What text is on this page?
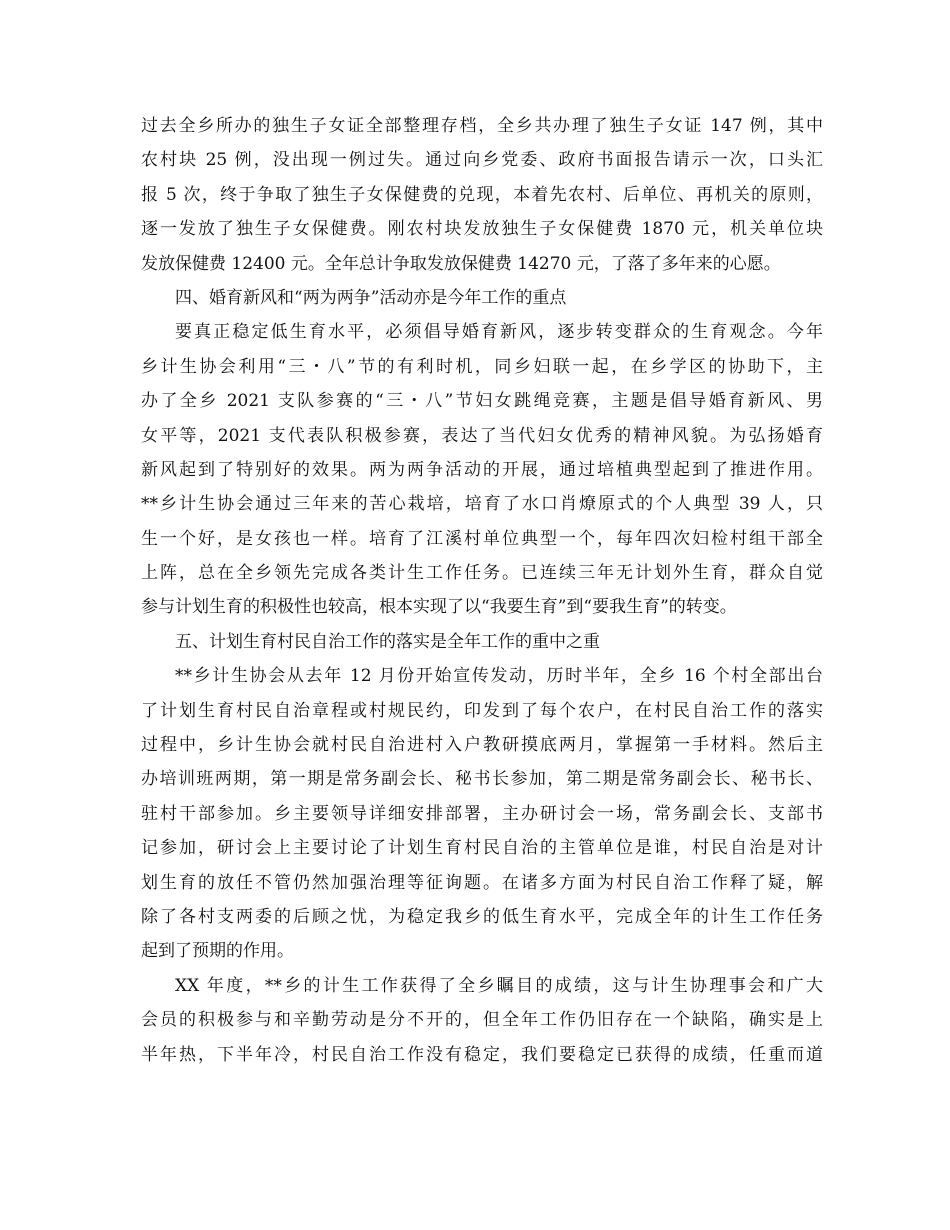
过去全乡所办的独生子女证全部整理存档，全乡共办理了独生子女证 147 例，其中
农村块 25 例，没出现一例过失。通过向乡党委、政府书面报告请示一次，口头汇
报 5 次，终于争取了独生子女保健费的兑现，本着先农村、后单位、再机关的原则，
逐一发放了独生子女保健费。刚农村块发放独生子女保健费 1870 元，机关单位块
发放保健费 12400 元。全年总计争取发放保健费 14270 元，了落了多年来的心愿。
四、婚育新风和“两为两争”活动亦是今年工作的重点
要真正稳定低生育水平，必须倡导婚育新风，逐步转变群众的生育观念。今年
乡计生协会利用“三・八”节的有利时机，同乡妇联一起，在乡学区的协助下，主
办了全乡 2021 支队参赛的“三・八”节妇女跳绳竞赛，主题是倡导婚育新风、男
女平等，2021 支代表队积极参赛，表达了当代妇女优秀的精神风貌。为弘扬婚育
新风起到了特别好的效果。两为两争活动的开展，通过培植典型起到了推进作用。
**乡计生协会通过三年来的苦心栽培，培育了水口肖燎原式的个人典型 39 人，只
生一个好，是女孩也一样。培育了江溪村单位典型一个，每年四次妇检村组干部全
上阵，总在全乡领先完成各类计生工作任务。已连续三年无计划外生育，群众自觉
参与计划生育的积极性也较高，根本实现了以“我要生育”到“要我生育”的转变。
五、计划生育村民自治工作的落实是全年工作的重中之重
**乡计生协会从去年 12 月份开始宣传发动，历时半年，全乡 16 个村全部出台
了计划生育村民自治章程或村规民约，印发到了每个农户，在村民自治工作的落实
过程中，乡计生协会就村民自治进村入户教研摸底两月，掌握第一手材料。然后主
办培训班两期，第一期是常务副会长、秘书长参加，第二期是常务副会长、秘书长、
驻村干部参加。乡主要领导详细安排部署，主办研讨会一场，常务副会长、支部书
记参加，研讨会上主要讨论了计划生育村民自治的主管单位是谁，村民自治是对计
划生育的放任不管仍然加强治理等征询题。在诸多方面为村民自治工作释了疑，解
除了各村支两委的后顾之忧，为稳定我乡的低生育水平，完成全年的计生工作任务
起到了预期的作用。
XX 年度，**乡的计生工作获得了全乡瞩目的成绩，这与计生协理事会和广大
会员的积极参与和辛勤劳动是分不开的，但全年工作仍旧存在一个缺陷，确实是上
半年热，下半年冷，村民自治工作没有稳定，我们要稳定已获得的成绩，任重而道
